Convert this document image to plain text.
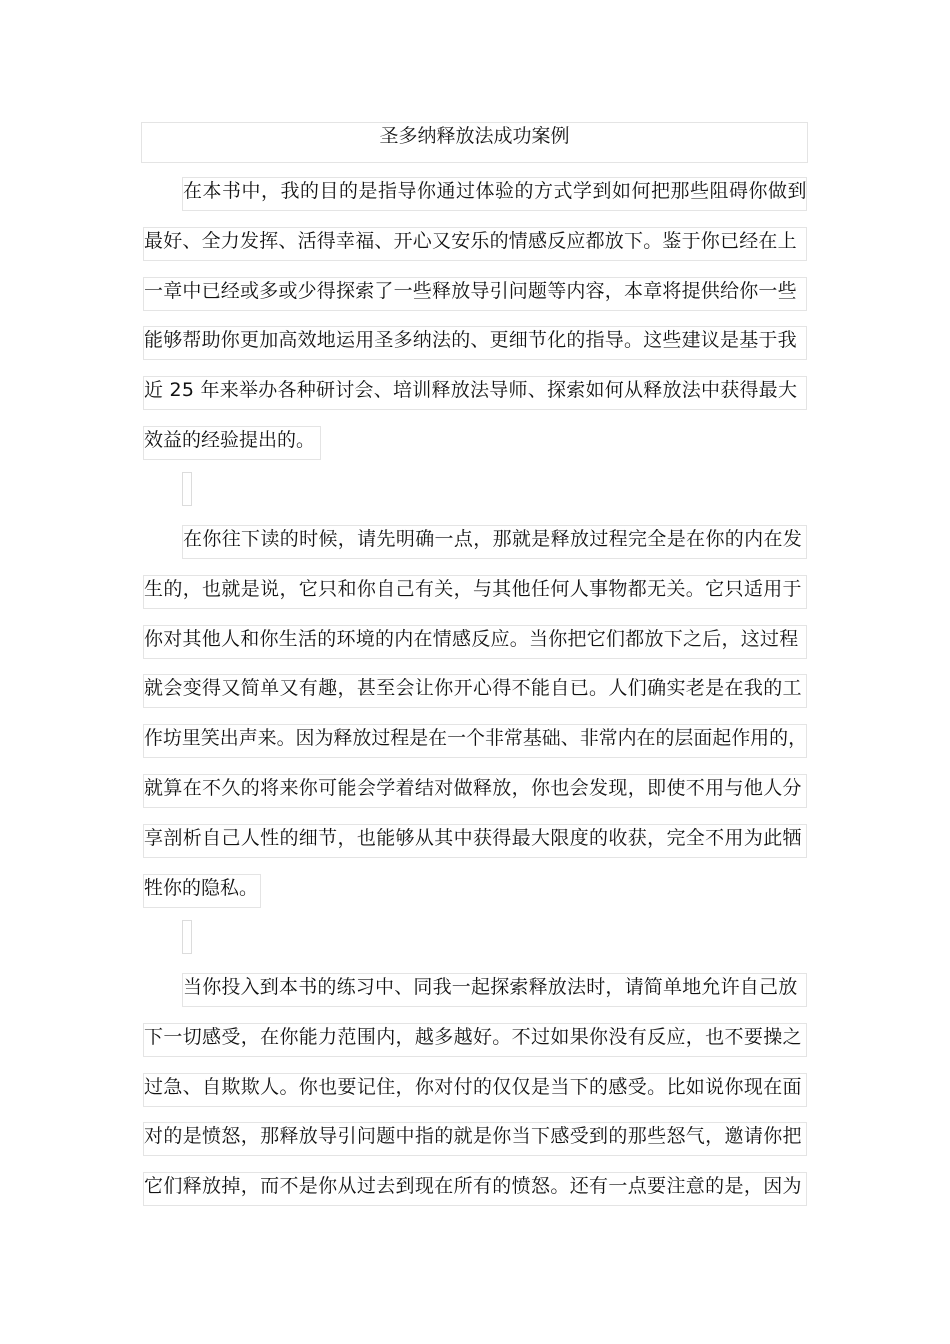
圣多纳释放法成功案例
在本书中，我的目的是指导你通过体验的方式学到如何把那些阻碍你做到
最好、全力发挥、活得幸福、开心又安乐的情感反应都放下。鉴于你已经在上
一章中已经或多或少得探索了一些释放导引问题等内容，本章将提供给你一些
能够帮助你更加高效地运用圣多纳法的、更细节化的指导。这些建议是基于我
近 25 年来举办各种研讨会、培训释放法导师、探索如何从释放法中获得最大
效益的经验提出的。
在你往下读的时候，请先明确一点，那就是释放过程完全是在你的内在发
生的，也就是说，它只和你自己有关，与其他任何人事物都无关。它只适用于
你对其他人和你生活的环境的内在情感反应。当你把它们都放下之后，这过程
就会变得又简单又有趣，甚至会让你开心得不能自已。人们确实老是在我的工
作坊里笑出声来。因为释放过程是在一个非常基础、非常内在的层面起作用的，
就算在不久的将来你可能会学着结对做释放，你也会发现，即使不用与他人分
享剖析自己人性的细节，也能够从其中获得最大限度的收获，完全不用为此牺
牲你的隐私。
当你投入到本书的练习中、同我一起探索释放法时，请简单地允许自己放
下一切感受，在你能力范围内，越多越好。不过如果你没有反应，也不要操之
过急、自欺欺人。你也要记住，你对付的仅仅是当下的感受。比如说你现在面
对的是愤怒，那释放导引问题中指的就是你当下感受到的那些怒气，邀请你把
它们释放掉，而不是你从过去到现在所有的愤怒。还有一点要注意的是，因为
